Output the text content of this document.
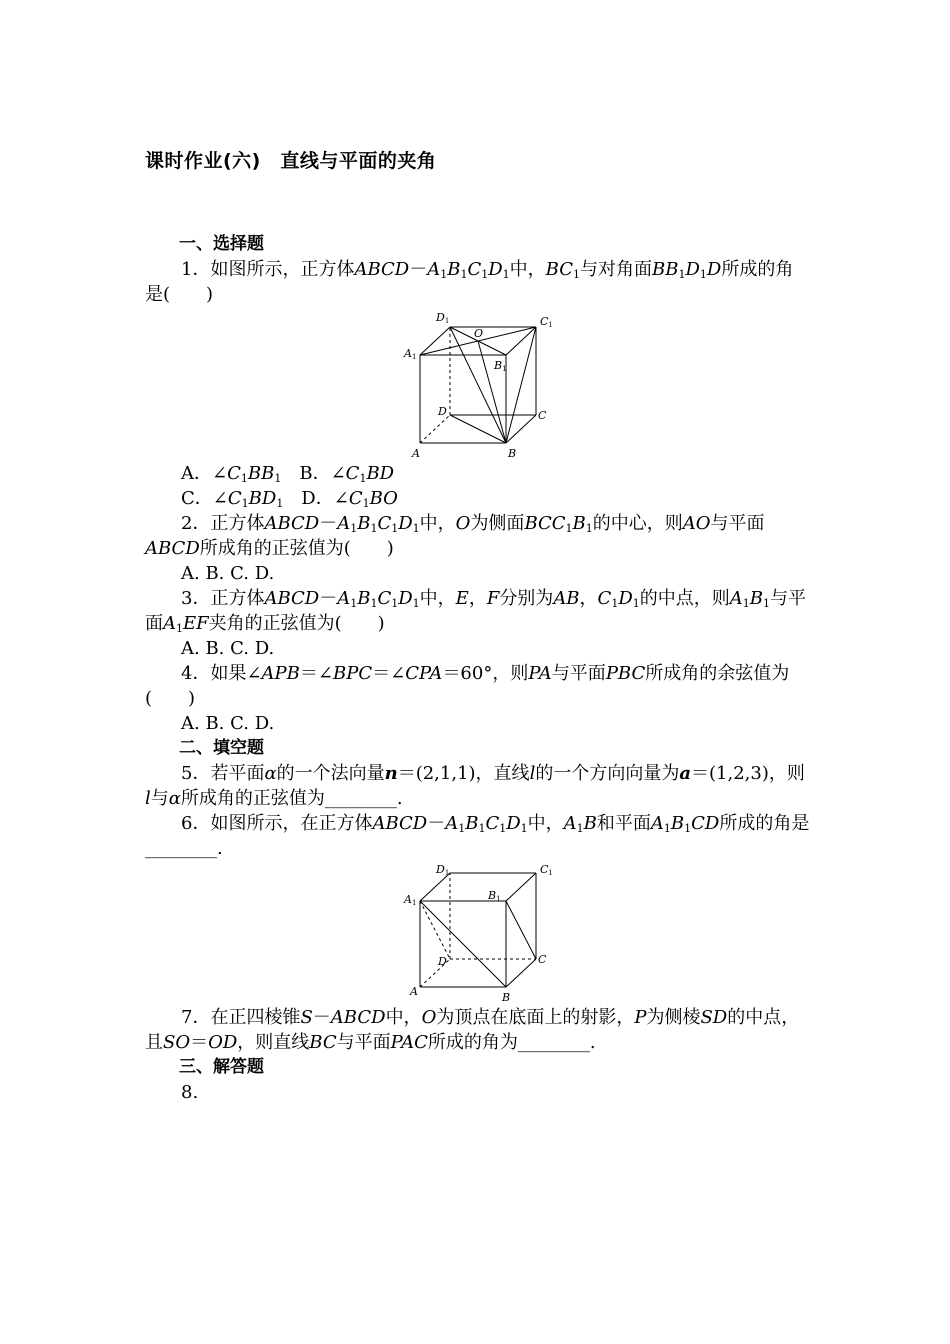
课时作业(六)　直线与平面的夹角

一、选择题

1．如图所示，正方体$ABCD-A_1B_1C_1D_1$中，$BC_1$与对角面$BB_1D_1D$所成的角是(　　)

D1
O
C1
A1
B1
D	C
A	B

A．$\angle C_1BB_1$　B．$\angle C_1BD$

C．$\angle C_1BD_1$　D．$\angle C_1BO$

2．正方体$ABCD-A_1B_1C_1D_1$中，O为侧面$BCC_1B_1$的中心，则AO与平面ABCD所成角的正弦值为(　　)

A. B. C. D.

3．正方体$ABCD-A_1B_1C_1D_1$中，E，F分别为AB，$C_1D_1$的中点，则$A_1B_1$与平面$A_1EF$夹角的正弦值为(　　)

A. B. C. D.

4．如果∠APB＝∠BPC＝∠CPA＝60°，则PA与平面PBC所成角的余弦值为(　　)

A. B. C. D.

二、填空题

5．若平面α的一个法向量n＝(2,1,1)，直线l的一个方向向量为a＝(1,2,3)，则l与α所成角的正弦值为________.

6．如图所示，在正方体$ABCD-A_1B_1C_1D_1$中，$A_1B$和平面$A_1B_1CD$所成的角是________.

D1	C1
A1
B1
D	C
A	B

7．在正四棱锥S－ABCD中，O为顶点在底面上的射影，P为侧棱SD的中点，且SO＝OD，则直线BC与平面PAC所成的角为________.

三、解答题

8.
